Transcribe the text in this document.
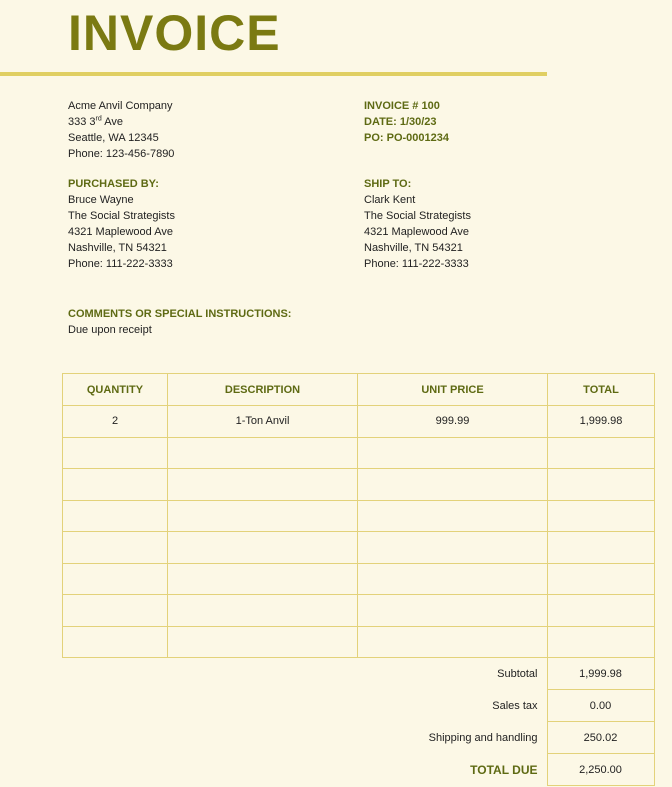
INVOICE
Acme Anvil Company
333 3rd Ave
Seattle, WA 12345
Phone: 123-456-7890
INVOICE # 100
DATE: 1/30/23
PO: PO-0001234
PURCHASED BY:
Bruce Wayne
The Social Strategists
4321 Maplewood Ave
Nashville, TN 54321
Phone: 111-222-3333
SHIP TO:
Clark Kent
The Social Strategists
4321 Maplewood Ave
Nashville, TN 54321
Phone: 111-222-3333
COMMENTS OR SPECIAL INSTRUCTIONS:
Due upon receipt
QUANTITY	DESCRIPTION	UNIT PRICE	TOTAL
2	1-Ton Anvil	999.99	1,999.98

Subtotal	1,999.98
Sales tax	0.00
Shipping and handling	250.02
TOTAL DUE	2,250.00
